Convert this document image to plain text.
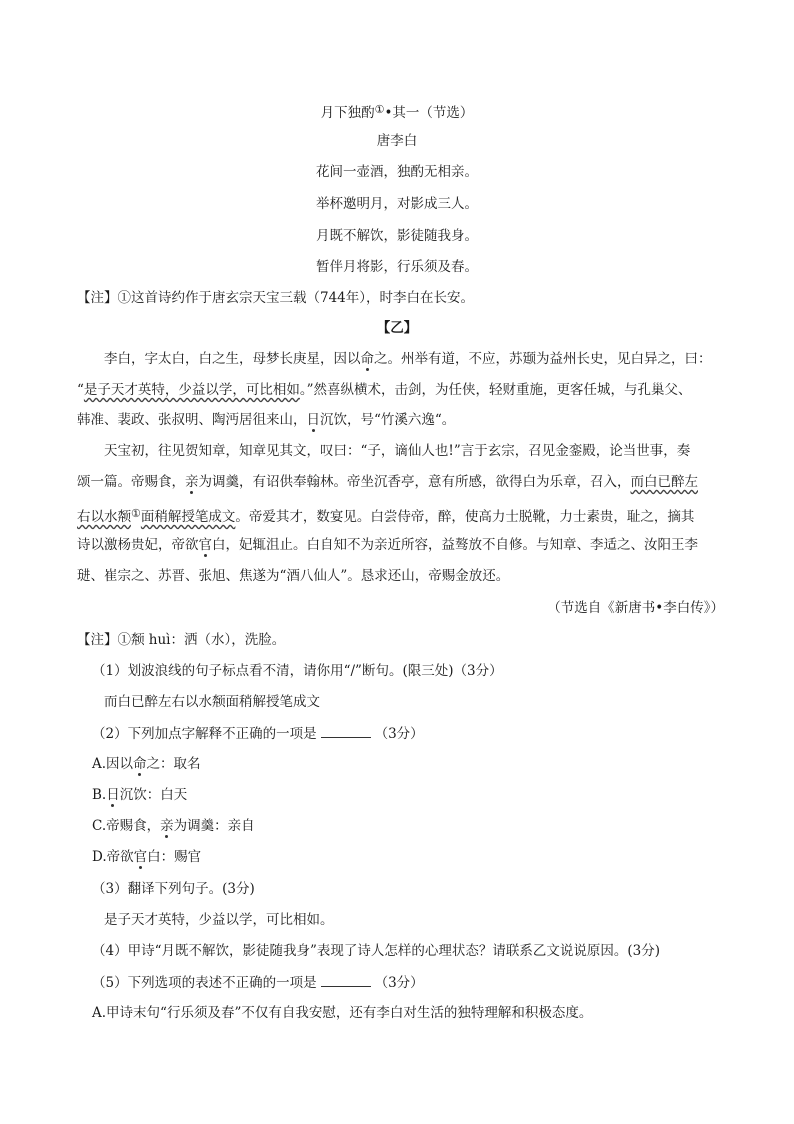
月下独酌①•其一（节选）
唐李白
花间一壶酒，独酌无相亲。
举杯邀明月，对影成三人。
月既不解饮，影徒随我身。
暂伴月将影，行乐须及春。
【注】①这首诗约作于唐玄宗天宝三载（744年），时李白在长安。
【乙】
李白，字太白，白之生，母梦长庚星，因以命之。州举有道，不应，苏颋为益州长史，见白异之，曰：
“是子天才英特，少益以学，可比相如。”然喜纵横术，击剑，为任侠，轻财重施，更客任城，与孔巢父、
韩准、裴政、张叔明、陶沔居徂来山，日沉饮，号“竹溪六逸“。
天宝初，往见贺知章，知章见其文，叹曰：“子，谪仙人也!”言于玄宗，召见金銮殿，论当世事，奏
颂一篇。帝赐食，亲为调羹，有诏供奉翰林。帝坐沉香亭，意有所感，欲得白为乐章，召入，而白已醉左
右以水颒①面稍解授笔成文。帝爱其才，数宴见。白尝侍帝，醉，使高力士脱靴，力士素贵，耻之，摘其
诗以激杨贵妃，帝欲官白，妃辄沮止。白自知不为亲近所容，益骜放不自修。与知章、李适之、汝阳王李
琎、崔宗之、苏晋、张旭、焦遂为“酒八仙人”。恳求还山，帝赐金放还。
（节选自《新唐书•李白传》）
【注】①颒 huì：洒（水），洗脸。
（1）划波浪线的句子标点看不清，请你用“/”断句。(限三处)（3分）
而白已醉左右以水颒面稍解授笔成文
（2）下列加点字解释不正确的一项是	（3分）
A.因以命之：取名
B.日沉饮：白天
C.帝赐食，亲为调羹：亲自
D.帝欲官白：赐官
（3）翻译下列句子。(3分)
是子天才英特，少益以学，可比相如。
（4）甲诗“月既不解饮，影徒随我身”表现了诗人怎样的心理状态？请联系乙文说说原因。(3分)
（5）下列选项的表述不正确的一项是	（3分）
A.甲诗末句“行乐须及春”不仅有自我安慰，还有李白对生活的独特理解和积极态度。
